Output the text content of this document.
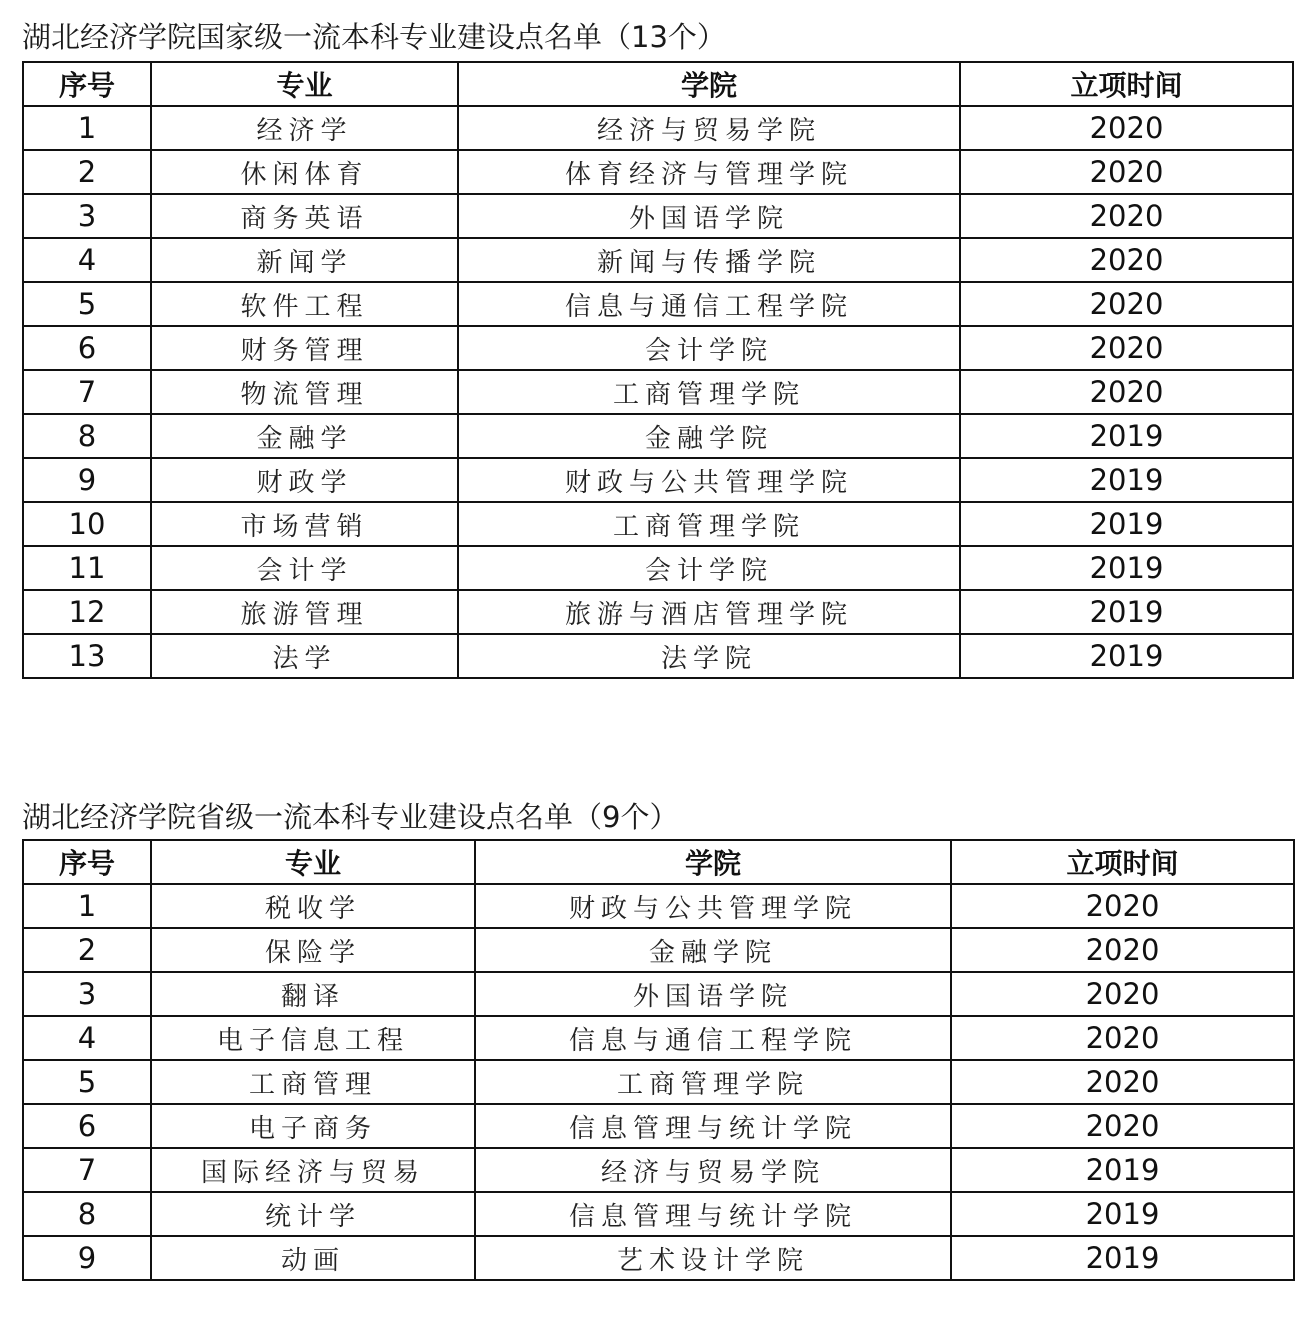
湖北经济学院国家级一流本科专业建设点名单（13个）
序号	专业	学院	立项时间
1	经济学	经济与贸易学院	2020
2	休闲体育	体育经济与管理学院	2020
3	商务英语	外国语学院	2020
4	新闻学	新闻与传播学院	2020
5	软件工程	信息与通信工程学院	2020
6	财务管理	会计学院	2020
7	物流管理	工商管理学院	2020
8	金融学	金融学院	2019
9	财政学	财政与公共管理学院	2019
10	市场营销	工商管理学院	2019
11	会计学	会计学院	2019
12	旅游管理	旅游与酒店管理学院	2019
13	法学	法学院	2019
湖北经济学院省级一流本科专业建设点名单（9个）
序号	专业	学院	立项时间
1	税收学	财政与公共管理学院	2020
2	保险学	金融学院	2020
3	翻译	外国语学院	2020
4	电子信息工程	信息与通信工程学院	2020
5	工商管理	工商管理学院	2020
6	电子商务	信息管理与统计学院	2020
7	国际经济与贸易	经济与贸易学院	2019
8	统计学	信息管理与统计学院	2019
9	动画	艺术设计学院	2019
